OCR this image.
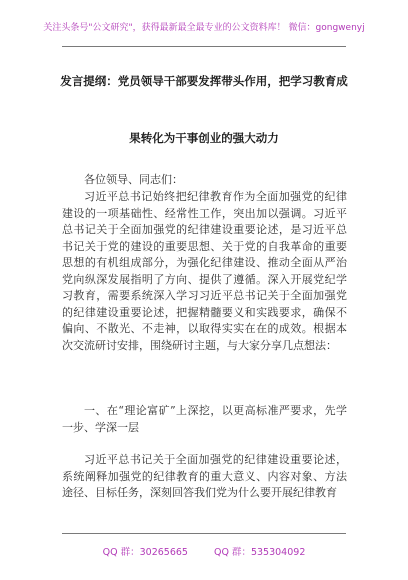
关注头条号"公文研究"，获得最新最全最专业的公文资料库！ 微信：gongwenyj
发言提纲：党员领导干部要发挥带头作用，把学习教育成
果转化为干事创业的强大动力
各位领导、同志们：
习近平总书记始终把纪律教育作为全面加强党的纪律建设的一项基础性、经常性工作，突出加以强调。习近平总书记关于全面加强党的纪律建设重要论述，是习近平总书记关于党的建设的重要思想、关于党的自我革命的重要思想的有机组成部分，为强化纪律建设、推动全面从严治党向纵深发展指明了方向、提供了遵循。深入开展党纪学习教育，需要系统深入学习习近平总书记关于全面加强党的纪律建设重要论述，把握精髓要义和实践要求，确保不偏向、不散光、不走神，以取得实实在在的成效。根据本次交流研讨安排，围绕研讨主题，与大家分享几点想法：
一、在“理论富矿”上深挖，以更高标准严要求，先学一步、学深一层
习近平总书记关于全面加强党的纪律建设重要论述，系统阐释加强党的纪律教育的重大意义、内容对象、方法途径、目标任务，深刻回答我们党为什么要开展纪律教育
QQ 群：30265665	QQ 群：535304092
